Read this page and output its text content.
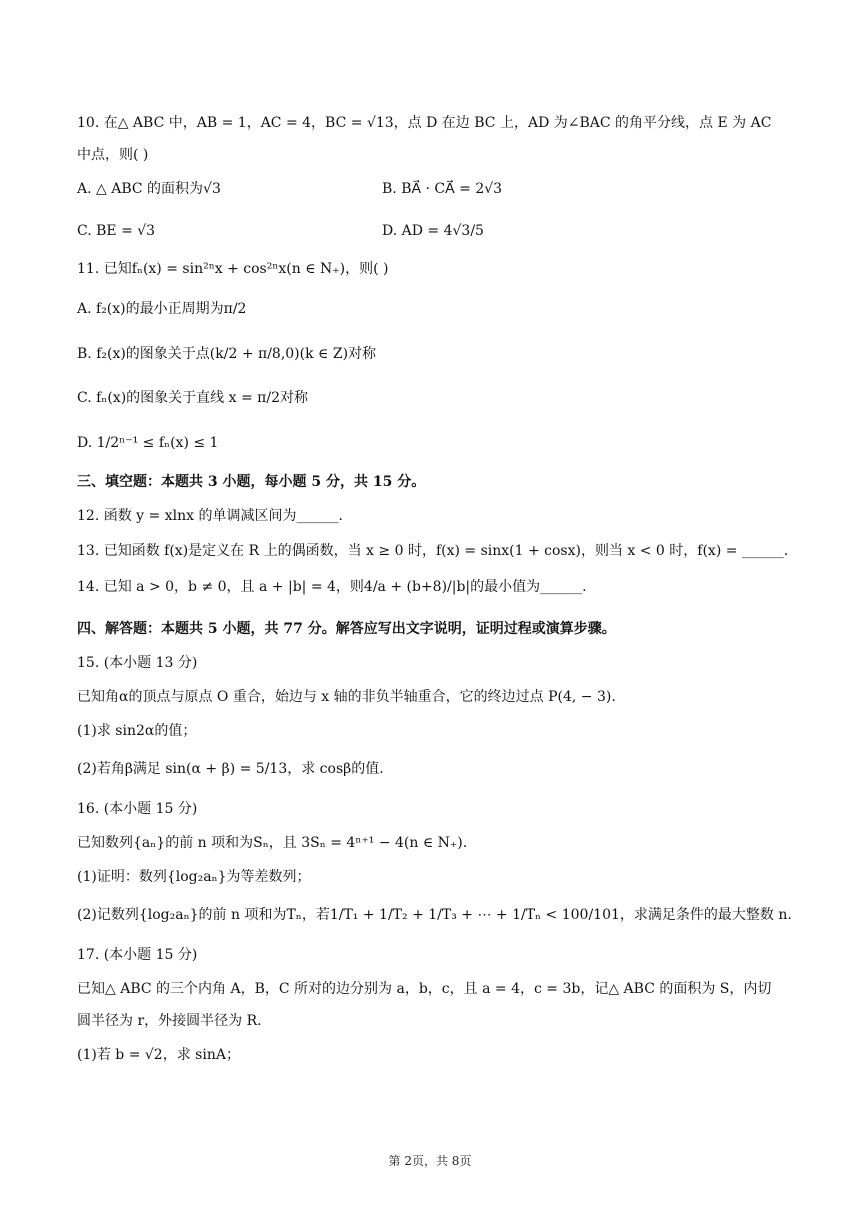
10. 在△ ABC 中，AB = 1，AC = 4，BC = √13，点 D 在边 BC 上，AD 为∠BAC 的角平分线，点 E 为 AC
中点，则( )
A. △ ABC 的面积为√3	B. BA⃗ · CA⃗ = 2√3
C. BE = √3	D. AD = 4√3/5
11. 已知fₙ(x) = sin²ⁿx + cos²ⁿx(n ∈ N₊)，则( )
A. f₂(x)的最小正周期为π/2
B. f₂(x)的图象关于点(k/2 + π/8,0)(k ∈ Z)对称
C. fₙ(x)的图象关于直线 x = π/2对称
D. 1/2ⁿ⁻¹ ≤ fₙ(x) ≤ 1
三、填空题：本题共 3 小题，每小题 5 分，共 15 分。
12. 函数 y = xlnx 的单调减区间为______.
13. 已知函数 f(x)是定义在 R 上的偶函数，当 x ≥ 0 时，f(x) = sinx(1 + cosx)，则当 x < 0 时，f(x) = ______.
14. 已知 a > 0，b ≠ 0，且 a + |b| = 4，则4/a + (b+8)/|b|的最小值为______.
四、解答题：本题共 5 小题，共 77 分。解答应写出文字说明，证明过程或演算步骤。
15. (本小题 13 分)
已知角α的顶点与原点 O 重合，始边与 x 轴的非负半轴重合，它的终边过点 P(4, − 3).
(1)求 sin2α的值；
(2)若角β满足 sin(α + β) = 5/13，求 cosβ的值.
16. (本小题 15 分)
已知数列{aₙ}的前 n 项和为Sₙ，且 3Sₙ = 4ⁿ⁺¹ − 4(n ∈ N₊).
(1)证明：数列{log₂aₙ}为等差数列；
(2)记数列{log₂aₙ}的前 n 项和为Tₙ，若1/T₁ + 1/T₂ + 1/T₃ + ⋯ + 1/Tₙ < 100/101，求满足条件的最大整数 n.
17. (本小题 15 分)
已知△ ABC 的三个内角 A，B，C 所对的边分别为 a，b，c，且 a = 4，c = 3b，记△ ABC 的面积为 S，内切
圆半径为 r，外接圆半径为 R.
(1)若 b = √2，求 sinA；
第 2页，共 8页
